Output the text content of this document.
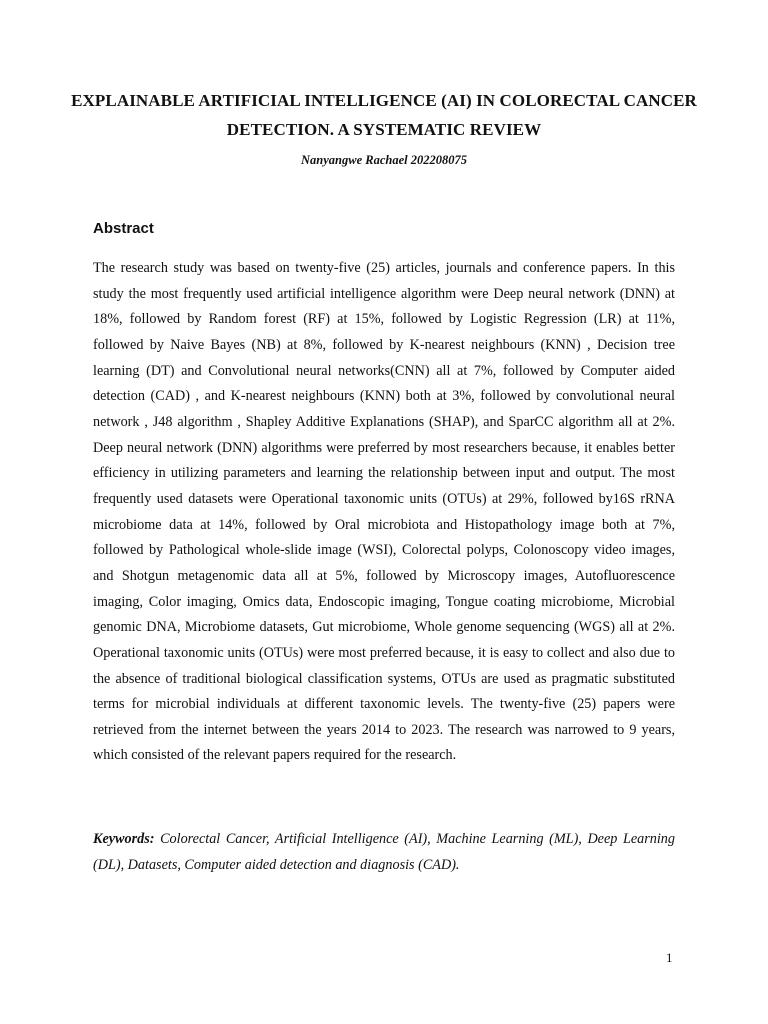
EXPLAINABLE ARTIFICIAL INTELLIGENCE (AI) IN COLORECTAL CANCER DETECTION. A SYSTEMATIC REVIEW
Nanyangwe Rachael 202208075
Abstract

The research study was based on twenty-five (25) articles, journals and conference papers. In this study the most frequently used artificial intelligence algorithm were Deep neural network (DNN) at 18%, followed by Random forest (RF) at 15%, followed by Logistic Regression (LR) at 11%, followed by Naive Bayes (NB) at 8%, followed by K-nearest neighbours (KNN) , Decision tree learning (DT) and Convolutional neural networks(CNN) all at 7%, followed by Computer aided detection (CAD) , and K-nearest neighbours (KNN) both at 3%, followed by convolutional neural network , J48 algorithm , Shapley Additive Explanations (SHAP), and SparCC algorithm all at 2%. Deep neural network (DNN) algorithms were preferred by most researchers because, it enables better efficiency in utilizing parameters and learning the relationship between input and output. The most frequently used datasets were Operational taxonomic units (OTUs) at 29%, followed by16S rRNA microbiome data at 14%, followed by Oral microbiota and Histopathology image both at 7%, followed by Pathological whole-slide image (WSI), Colorectal polyps, Colonoscopy video images, and Shotgun metagenomic data all at 5%, followed by Microscopy images, Autofluorescence imaging, Color imaging, Omics data, Endoscopic imaging, Tongue coating microbiome, Microbial genomic DNA, Microbiome datasets, Gut microbiome, Whole genome sequencing (WGS) all at 2%. Operational taxonomic units (OTUs) were most preferred because, it is easy to collect and also due to the absence of traditional biological classification systems, OTUs are used as pragmatic substituted terms for microbial individuals at different taxonomic levels. The twenty-five (25) papers were retrieved from the internet between the years 2014 to 2023. The research was narrowed to 9 years, which consisted of the relevant papers required for the research.

Keywords: Colorectal Cancer, Artificial Intelligence (AI), Machine Learning (ML), Deep Learning (DL), Datasets, Computer aided detection and diagnosis (CAD).

1
